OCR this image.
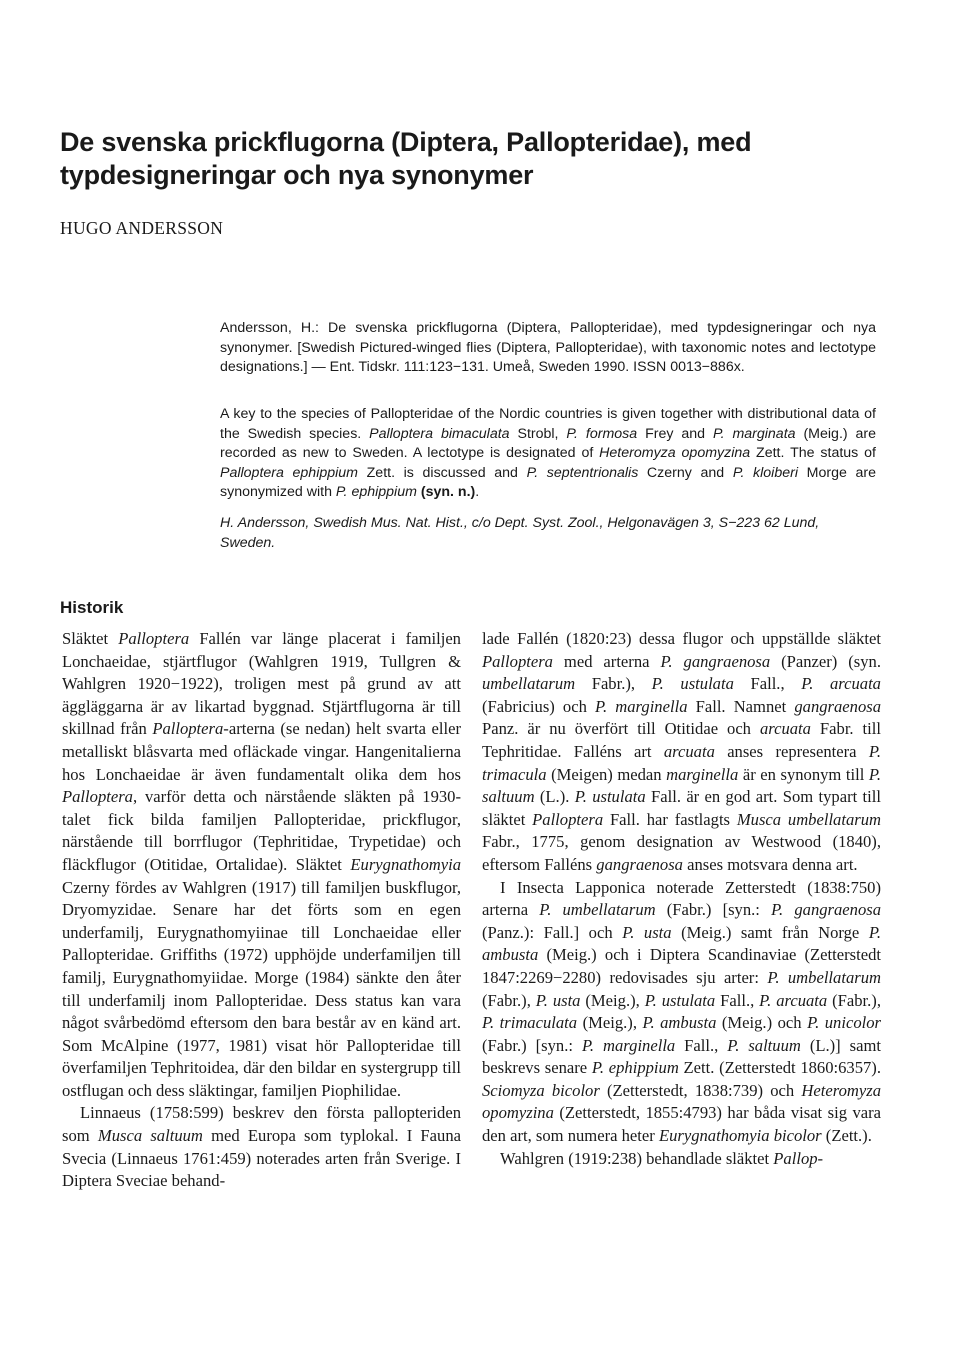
De svenska prickflugorna (Diptera, Pallopteridae), med typdesigneringar och nya synonymer
HUGO ANDERSSON

Andersson, H.: De svenska prickflugorna (Diptera, Pallopteridae), med typdesigneringar och nya synonymer. [Swedish Pictured-winged flies (Diptera, Pallopteridae), with taxonomic notes and lectotype designations.] — Ent. Tidskr. 111:123−131. Umeå, Sweden 1990. ISSN 0013−886x.

A key to the species of Pallopteridae of the Nordic countries is given together with distributional data of the Swedish species. Palloptera bimaculata Strobl, P. formosa Frey and P. marginata (Meig.) are recorded as new to Sweden. A lectotype is designated of Heteromyza opomyzina Zett. The status of Palloptera ephippium Zett. is discussed and P. septentrionalis Czerny and P. kloiberi Morge are synonymized with P. ephippium (syn. n.).

H. Andersson, Swedish Mus. Nat. Hist., c/o Dept. Syst. Zool., Helgonavägen 3, S−223 62 Lund, Sweden.

Historik

Släktet Palloptera Fallén var länge placerat i familjen Lonchaeidae, stjärtflugor (Wahlgren 1919, Tullgren & Wahlgren 1920−1922), troligen mest på grund av att äggläggarna är av likartad byggnad. Stjärtflugorna är till skillnad från Palloptera-arterna (se nedan) helt svarta eller metalliskt blåsvarta med ofläckade vingar. Hangenitalierna hos Lonchaeidae är även fundamentalt olika dem hos Palloptera, varför detta och närstående släkten på 1930-talet fick bilda familjen Pallopteridae, prickflugor, närstående till borrflugor (Tephritidae, Trypetidae) och fläckflugor (Otitidae, Ortalidae). Släktet Eurygnathomyia Czerny fördes av Wahlgren (1917) till familjen buskflugor, Dryomyzidae. Senare har det förts som en egen underfamilj, Eurygnathomyiinae till Lonchaeidae eller Pallopteridae. Griffiths (1972) upphöjde underfamiljen till familj, Eurygnathomyiidae. Morge (1984) sänkte den åter till underfamilj inom Pallopteridae. Dess status kan vara något svårbedömd eftersom den bara består av en känd art. Som McAlpine (1977, 1981) visat hör Pallopteridae till överfamiljen Tephritoidea, där den bildar en systergrupp till ostflugan och dess släktingar, familjen Piophilidae.

Linnaeus (1758:599) beskrev den första pallopteriden som Musca saltuum med Europa som typlokal. I Fauna Svecia (Linnaeus 1761:459) noterades arten från Sverige. I Diptera Sveciae behand-

lade Fallén (1820:23) dessa flugor och uppställde släktet Palloptera med arterna P. gangraenosa (Panzer) (syn. umbellatarum Fabr.), P. ustulata Fall., P. arcuata (Fabricius) och P. marginella Fall. Namnet gangraenosa Panz. är nu överfört till Otitidae och arcuata Fabr. till Tephritidae. Falléns art arcuata anses representera P. trimacula (Meigen) medan marginella är en synonym till P. saltuum (L.). P. ustulata Fall. är en god art. Som typart till släktet Palloptera Fall. har fastlagts Musca umbellatarum Fabr., 1775, genom designation av Westwood (1840), eftersom Falléns gangraenosa anses motsvara denna art.

I Insecta Lapponica noterade Zetterstedt (1838:750) arterna P. umbellatarum (Fabr.) [syn.: P. gangraenosa (Panz.): Fall.] och P. usta (Meig.) samt från Norge P. ambusta (Meig.) och i Diptera Scandinaviae (Zetterstedt 1847:2269−2280) redovisades sju arter: P. umbellatarum (Fabr.), P. usta (Meig.), P. ustulata Fall., P. arcuata (Fabr.), P. trimaculata (Meig.), P. ambusta (Meig.) och P. unicolor (Fabr.) [syn.: P. marginella Fall., P. saltuum (L.)] samt beskrevs senare P. ephippium Zett. (Zetterstedt 1860:6357). Sciomyza bicolor (Zetterstedt, 1838:739) och Heteromyza opomyzina (Zetterstedt, 1855:4793) har båda visat sig vara den art, som numera heter Eurygnathomyia bicolor (Zett.).

Wahlgren (1919:238) behandlade släktet Pallop-
